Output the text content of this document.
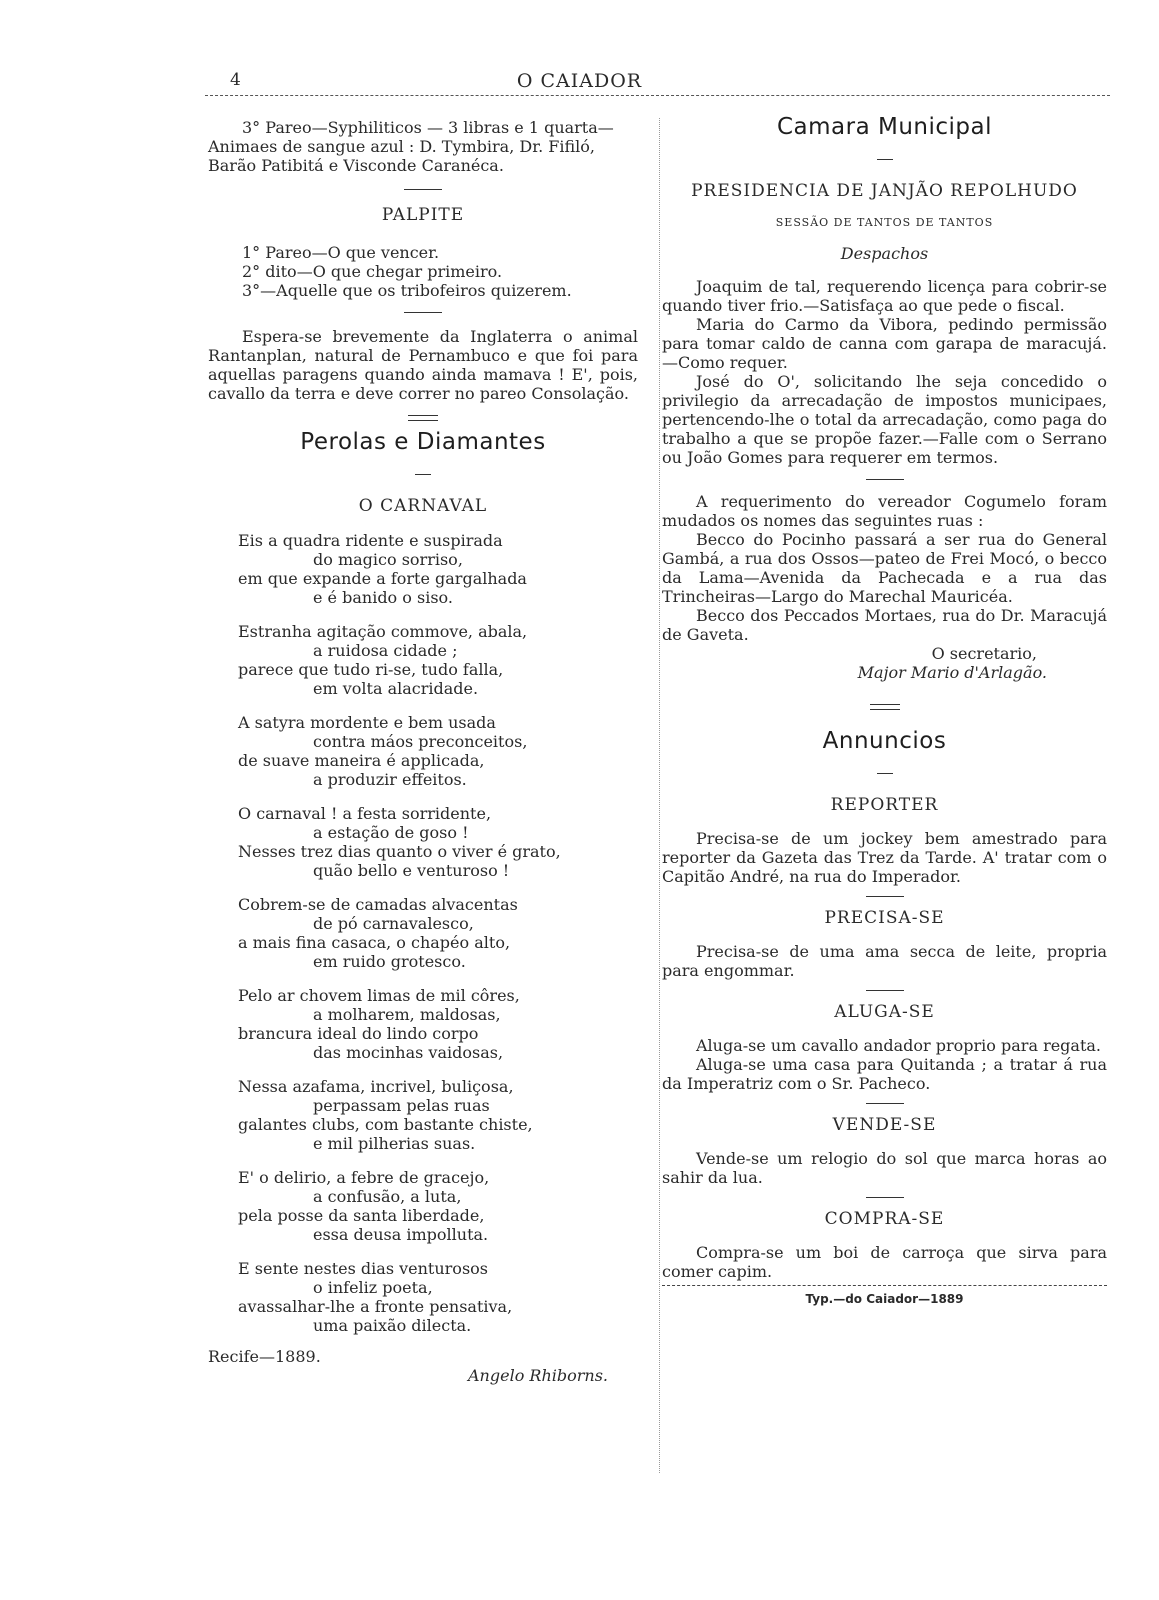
4	O CAIADOR

3° Pareo—Syphiliticos — 3 libras e 1 quarta—
Animaes de sangue azul : D. Tymbira, Dr. Fifiló,
Barão Patibitá e Visconde Caranéca.

PALPITE

1° Pareo—O que vencer.

2° dito—O que chegar primeiro.

3°—Aquelle que os tribofeiros quizerem.

Espera-se brevemente da Inglaterra o animal Rantanplan, natural de Pernambuco e que foi para aquellas paragens quando ainda mamava ! E', pois, cavallo da terra e deve correr no pareo Consolação.

Perolas e Diamantes

O CARNAVAL

Eis a quadra ridente e suspirada

do magico sorriso,

em que expande a forte gargalhada

e é banido o siso.

Estranha agitação commove, abala,

a ruidosa cidade ;

parece que tudo ri-se, tudo falla,

em volta alacridade.

A satyra mordente e bem usada

contra máos preconceitos,

de suave maneira é applicada,

a produzir effeitos.

O carnaval ! a festa sorridente,

a estação de goso !

Nesses trez dias quanto o viver é grato,

quão bello e venturoso !

Cobrem-se de camadas alvacentas

de pó carnavalesco,

a mais fina casaca, o chapéo alto,

em ruido grotesco.

Pelo ar chovem limas de mil côres,

a molharem, maldosas,

brancura ideal do lindo corpo

das mocinhas vaidosas,

Nessa azafama, incrivel, buliçosa,

perpassam pelas ruas

galantes clubs, com bastante chiste,

e mil pilherias suas.

E' o delirio, a febre de gracejo,

a confusão, a luta,

pela posse da santa liberdade,

essa deusa impolluta.

E sente nestes dias venturosos

o infeliz poeta,

avassalhar-lhe a fronte pensativa,

uma paixão dilecta.

Recife—1889.

Angelo Rhiborns.

Camara Municipal

PRESIDENCIA DE JANJÃO REPOLHUDO

SESSÃO DE TANTOS DE TANTOS

Despachos

Joaquim de tal, requerendo licença para cobrir-se quando tiver frio.—Satisfaça ao que pede o fiscal.

Maria do Carmo da Vibora, pedindo permissão para tomar caldo de canna com garapa de maracujá. —Como requer.

José do O', solicitando lhe seja concedido o privilegio da arrecadação de impostos municipaes, pertencendo-lhe o total da arrecadação, como paga do trabalho a que se propõe fazer.—Falle com o Serrano ou João Gomes para requerer em termos.

A requerimento do vereador Cogumelo foram mudados os nomes das seguintes ruas :

Becco do Pocinho passará a ser rua do General Gambá, a rua dos Ossos—pateo de Frei Mocó, o becco da Lama—Avenida da Pachecada e a rua das Trincheiras—Largo do Marechal Mauricéa.

Becco dos Peccados Mortaes, rua do Dr. Maracujá de Gaveta.

O secretario,

Major Mario d'Arlagão.

Annuncios

REPORTER

Precisa-se de um jockey bem amestrado para reporter da Gazeta das Trez da Tarde. A' tratar com o Capitão André, na rua do Imperador.

PRECISA-SE

Precisa-se de uma ama secca de leite, propria para engommar.

ALUGA-SE

Aluga-se um cavallo andador proprio para regata.

Aluga-se uma casa para Quitanda ; a tratar á rua da Imperatriz com o Sr. Pacheco.

VENDE-SE

Vende-se um relogio do sol que marca horas ao sahir da lua.

COMPRA-SE

Compra-se um boi de carroça que sirva para comer capim.

Typ.—do Caiador—1889
